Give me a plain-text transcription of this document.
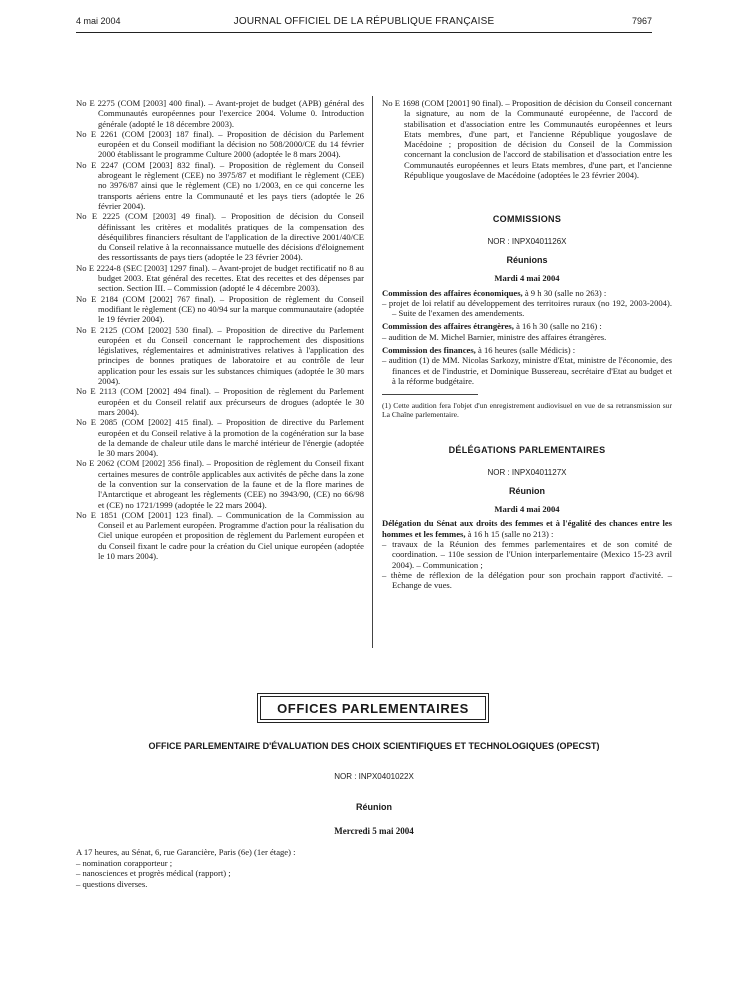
4 mai 2004	JOURNAL OFFICIEL DE LA RÉPUBLIQUE FRANÇAISE	7967

No E 2275 (COM [2003] 400 final). – Avant-projet de budget (APB) général des Communautés européennes pour l'exercice 2004. Volume 0. Introduction générale (adopté le 18 décembre 2003).

No E 2261 (COM [2003] 187 final). – Proposition de décision du Parlement européen et du Conseil modifiant la décision no 508/2000/CE du 14 février 2000 établissant le programme Culture 2000 (adoptée le 8 mars 2004).

No E 2247 (COM [2003] 832 final). – Proposition de règlement du Conseil abrogeant le règlement (CEE) no 3975/87 et modifiant le règlement (CEE) no 3976/87 ainsi que le règlement (CE) no 1/2003, en ce qui concerne les transports aériens entre la Communauté et les pays tiers (adoptée le 26 février 2004).

No E 2225 (COM [2003] 49 final). – Proposition de décision du Conseil définissant les critères et modalités pratiques de la compensation des déséquilibres financiers résultant de l'application de la directive 2001/40/CE du Conseil relative à la reconnaissance mutuelle des décisions d'éloignement des ressortissants de pays tiers (adoptée le 23 février 2004).

No E 2224-8 (SEC [2003] 1297 final). – Avant-projet de budget rectificatif no 8 au budget 2003. Etat général des recettes. Etat des recettes et des dépenses par section. Section III. – Commission (adopté le 4 décembre 2003).

No E 2184 (COM [2002] 767 final). – Proposition de règlement du Conseil modifiant le règlement (CE) no 40/94 sur la marque communautaire (adoptée le 19 février 2004).

No E 2125 (COM [2002] 530 final). – Proposition de directive du Parlement européen et du Conseil concernant le rapprochement des dispositions législatives, réglementaires et administratives relatives à l'application des principes de bonnes pratiques de laboratoire et au contrôle de leur application pour les essais sur les substances chimiques (adoptée le 30 mars 2004).

No E 2113 (COM [2002] 494 final). – Proposition de règlement du Parlement européen et du Conseil relatif aux précurseurs de drogues (adoptée le 30 mars 2004).

No E 2085 (COM [2002] 415 final). – Proposition de directive du Parlement européen et du Conseil relative à la promotion de la cogénération sur la base de la demande de chaleur utile dans le marché intérieur de l'énergie (adoptée le 30 mars 2004).

No E 2062 (COM [2002] 356 final). – Proposition de règlement du Conseil fixant certaines mesures de contrôle applicables aux activités de pêche dans la zone de la convention sur la conservation de la faune et de la flore marines de l'Antarctique et abrogeant les règlements (CEE) no 3943/90, (CE) no 66/98 et (CE) no 1721/1999 (adoptée le 22 mars 2004).

No E 1851 (COM [2001] 123 final). – Communication de la Commission au Conseil et au Parlement européen. Programme d'action pour la réalisation du Ciel unique européen et proposition de règlement du Parlement européen et du Conseil fixant le cadre pour la création du Ciel unique européen (adoptée le 10 mars 2004).

No E 1698 (COM [2001] 90 final). – Proposition de décision du Conseil concernant la signature, au nom de la Communauté européenne, de l'accord de stabilisation et d'association entre les Communautés européennes et leurs Etats membres, d'une part, et l'ancienne République yougoslave de Macédoine ; proposition de décision du Conseil de la Commission concernant la conclusion de l'accord de stabilisation et d'association entre les Communautés européennes et leurs Etats membres, d'une part, et l'ancienne République yougoslave de Macédoine (adoptées le 23 février 2004).

COMMISSIONS

NOR : INPX0401126X

Réunions

Mardi 4 mai 2004

Commission des affaires économiques, à 9 h 30 (salle no 263) :

– projet de loi relatif au développement des territoires ruraux (no 192, 2003-2004). – Suite de l'examen des amendements.

Commission des affaires étrangères, à 16 h 30 (salle no 216) :

– audition de M. Michel Barnier, ministre des affaires étrangères.

Commission des finances, à 16 heures (salle Médicis) :

– audition (1) de MM. Nicolas Sarkozy, ministre d'Etat, ministre de l'économie, des finances et de l'industrie, et Dominique Bussereau, secrétaire d'Etat au budget et à la réforme budgétaire.

(1) Cette audition fera l'objet d'un enregistrement audiovisuel en vue de sa retransmission sur La Chaîne parlementaire.

DÉLÉGATIONS PARLEMENTAIRES

NOR : INPX0401127X

Réunion

Mardi 4 mai 2004

Délégation du Sénat aux droits des femmes et à l'égalité des chances entre les hommes et les femmes, à 16 h 15 (salle no 213) :

– travaux de la Réunion des femmes parlementaires et de son comité de coordination. – 110e session de l'Union interparlementaire (Mexico 15-23 avril 2004). – Communication ;

– thème de réflexion de la délégation pour son prochain rapport d'activité. – Echange de vues.

OFFICES PARLEMENTAIRES
OFFICE PARLEMENTAIRE D'ÉVALUATION DES CHOIX SCIENTIFIQUES ET TECHNOLOGIQUES (OPECST)
NOR : INPX0401022X
Réunion
Mercredi 5 mai 2004

A 17 heures, au Sénat, 6, rue Garancière, Paris (6e) (1er étage) :

– nomination corapporteur ;

– nanosciences et progrès médical (rapport) ;

– questions diverses.
